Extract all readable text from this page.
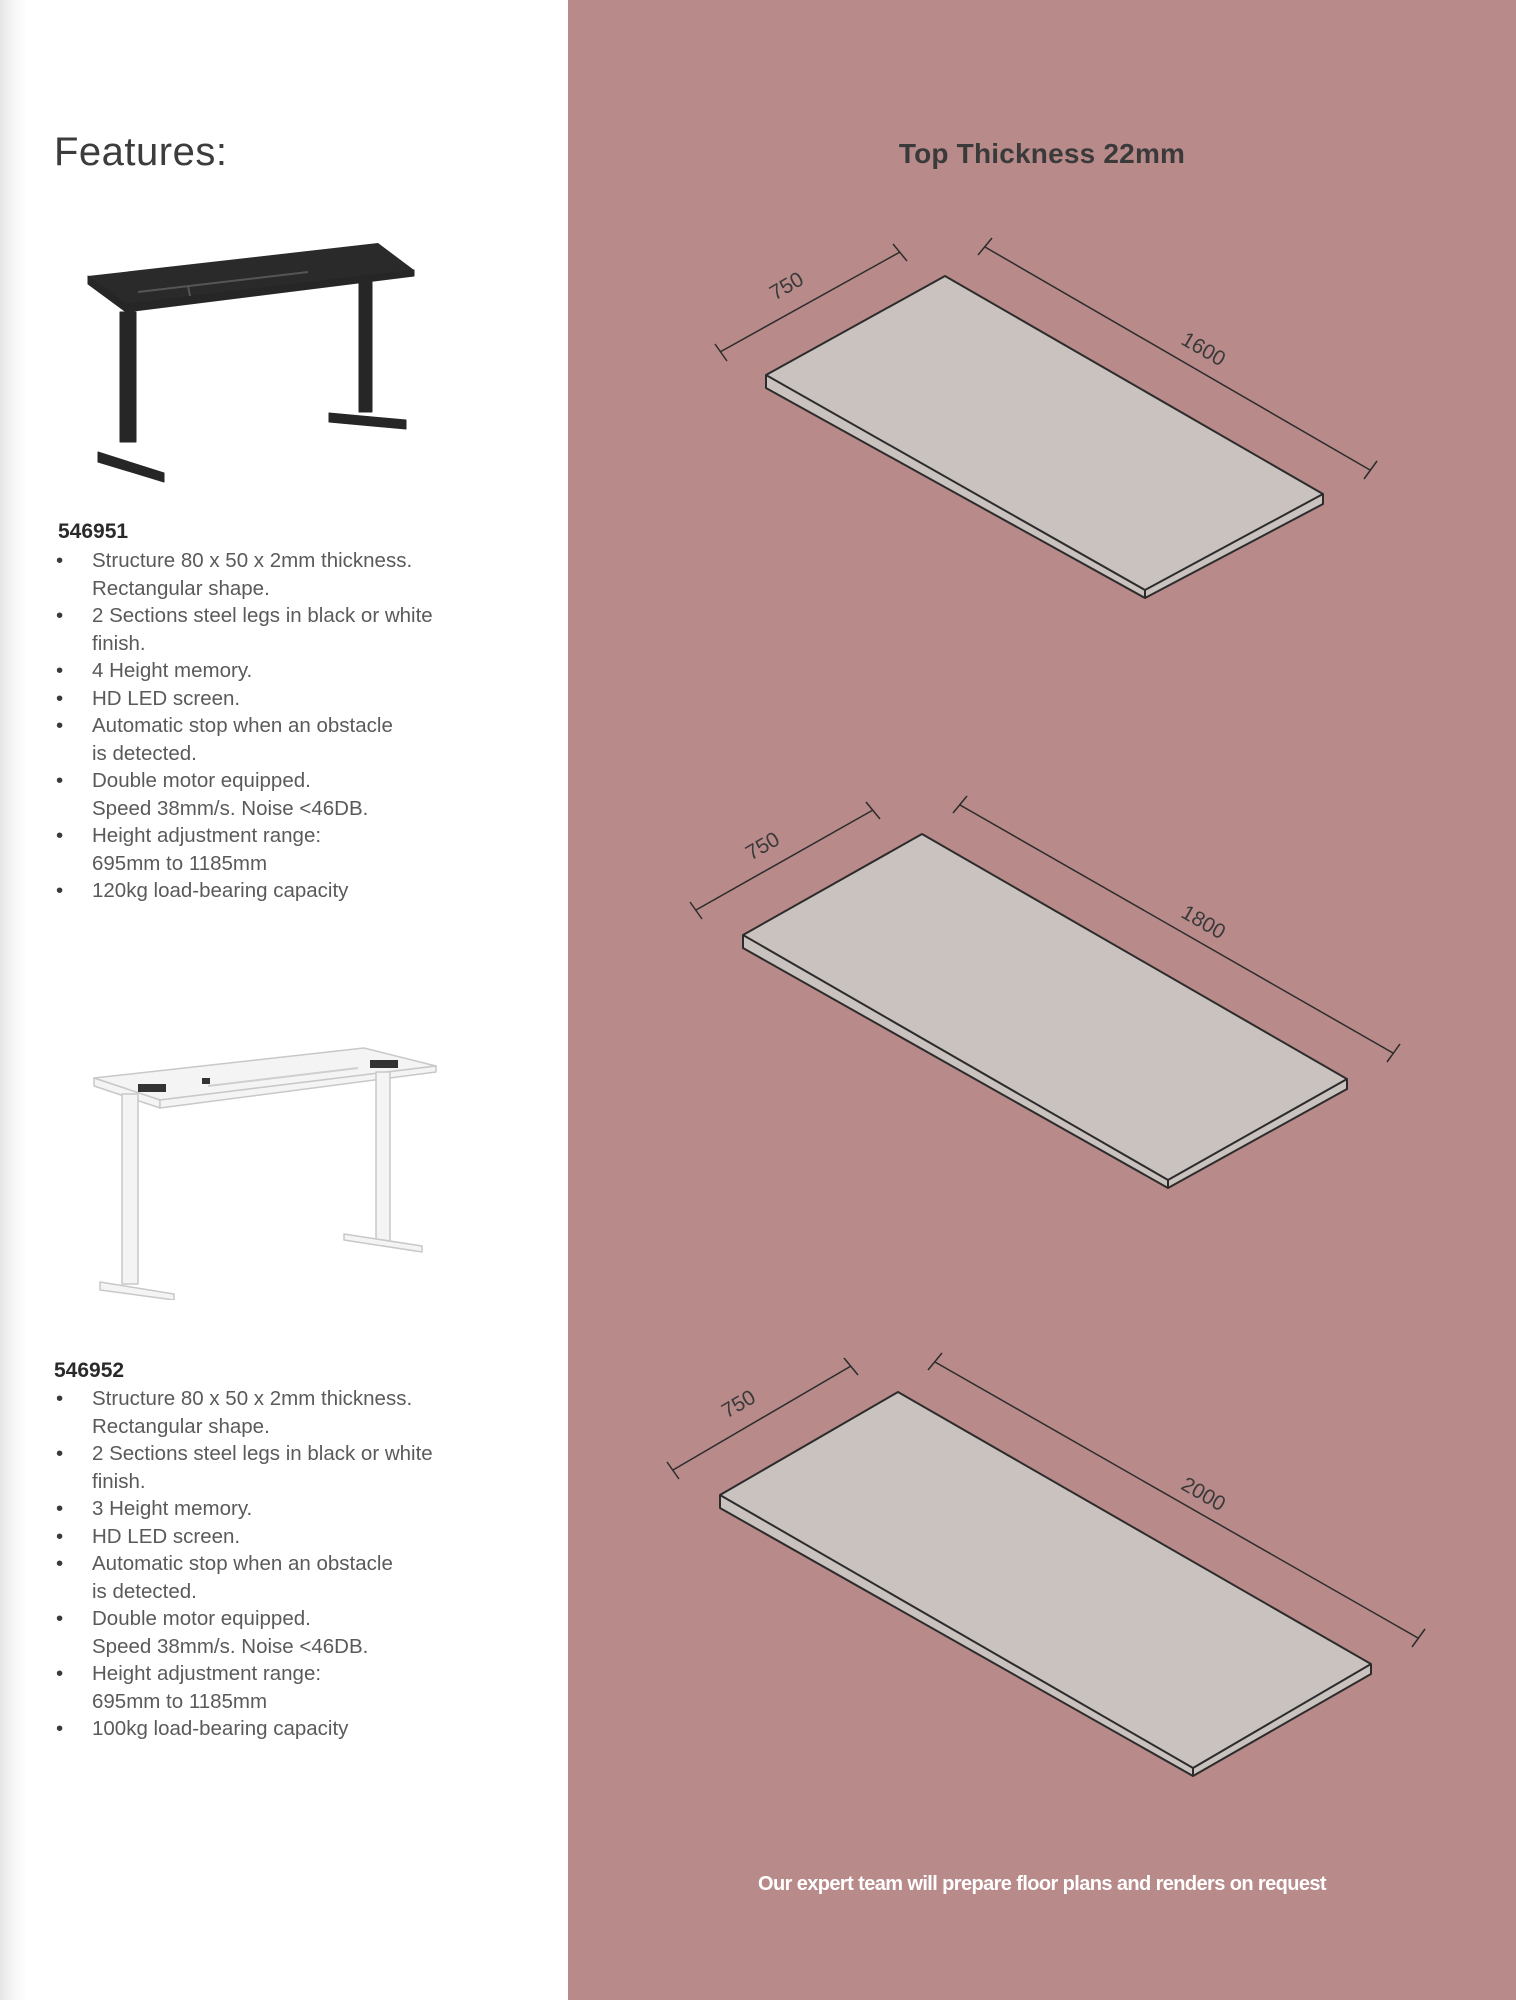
Features:
546951
• Structure 80 x 50 x 2mm thickness.
Rectangular shape.
• 2 Sections steel legs in black or white
finish.
• 4 Height memory.
• HD LED screen.
• Automatic stop when an obstacle
is detected.
• Double motor equipped.
Speed 38mm/s. Noise <46DB.
• Height adjustment range:
695mm to 1185mm
• 120kg load-bearing capacity
546952
• Structure 80 x 50 x 2mm thickness.
Rectangular shape.
• 2 Sections steel legs in black or white
finish.
• 3 Height memory.
• HD LED screen.
• Automatic stop when an obstacle
is detected.
• Double motor equipped.
Speed 38mm/s. Noise <46DB.
• Height adjustment range:
695mm to 1185mm
• 100kg load-bearing capacity
Top Thickness 22mm
750
1600
750
1800
750
2000
Our expert team will prepare floor plans and renders on request
